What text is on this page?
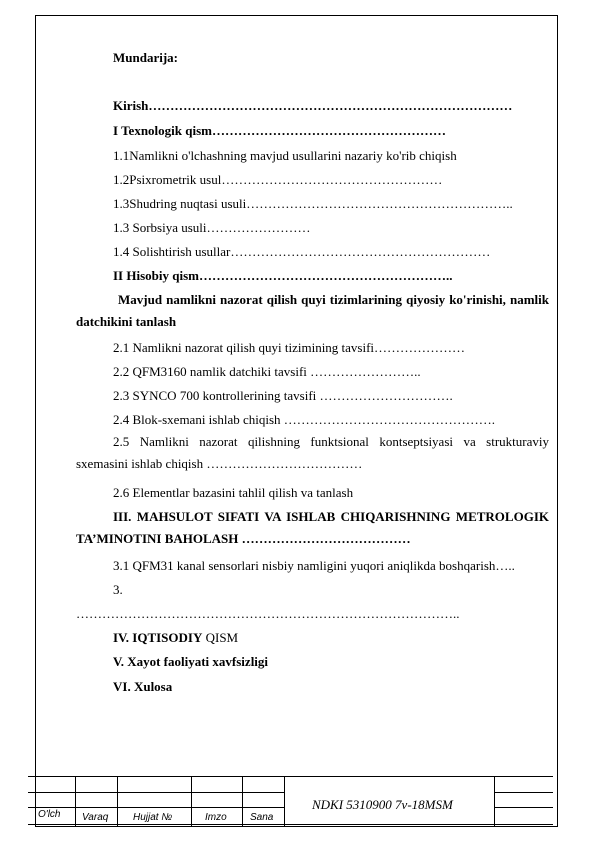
Mundarija:
Kirish…………………………………………………………………………
I Texnologik qism………………………………………………
1.1Namlikni o'lchashning mavjud usullarini nazariy ko'rib chiqish
1.2Psixrometrik usul……………………………………………
1.3Shudring nuqtasi usuli……………………………………………………..
1.3 Sorbsiya usuli……………………
1.4 Solishtirish usullar……………………………………………………
II Hisobiy qism…………………………………………………..
Mavjud namlikni nazorat qilish quyi tizimlarining qiyosiy ko'rinishi, namlik datchikini tanlash
2.1 Namlikni nazorat qilish quyi tizimining tavsifi…………………
2.2 QFM3160 namlik datchiki tavsifi ……………………..
2.3 SYNCO 700 kontrollerining tavsifi ………………………….
2.4 Blok-sxemani ishlab chiqish ………………………………………….
2.5 Namlikni nazorat qilishning funktsional kontseptsiyasi va strukturaviy sxemasini ishlab chiqish ………………………………
2.6 Elementlar bazasini tahlil qilish va tanlash
III. MAHSULOT SIFATI VA ISHLAB CHIQARISHNING METROLOGIK TA’MINOTINI BAHOLASH …………………………………
3.1 QFM31 kanal sensorlari nisbiy namligini yuqori aniqlikda boshqarish…..
3.
……………………………………………………………………………..
IV. IQTISODIY QISM
V. Xayot faoliyati xavfsizligi
VI. Xulosa
O'lch Varaq Hujjat №	Imzo Sana
NDKI 5310900 7v-18MSM
